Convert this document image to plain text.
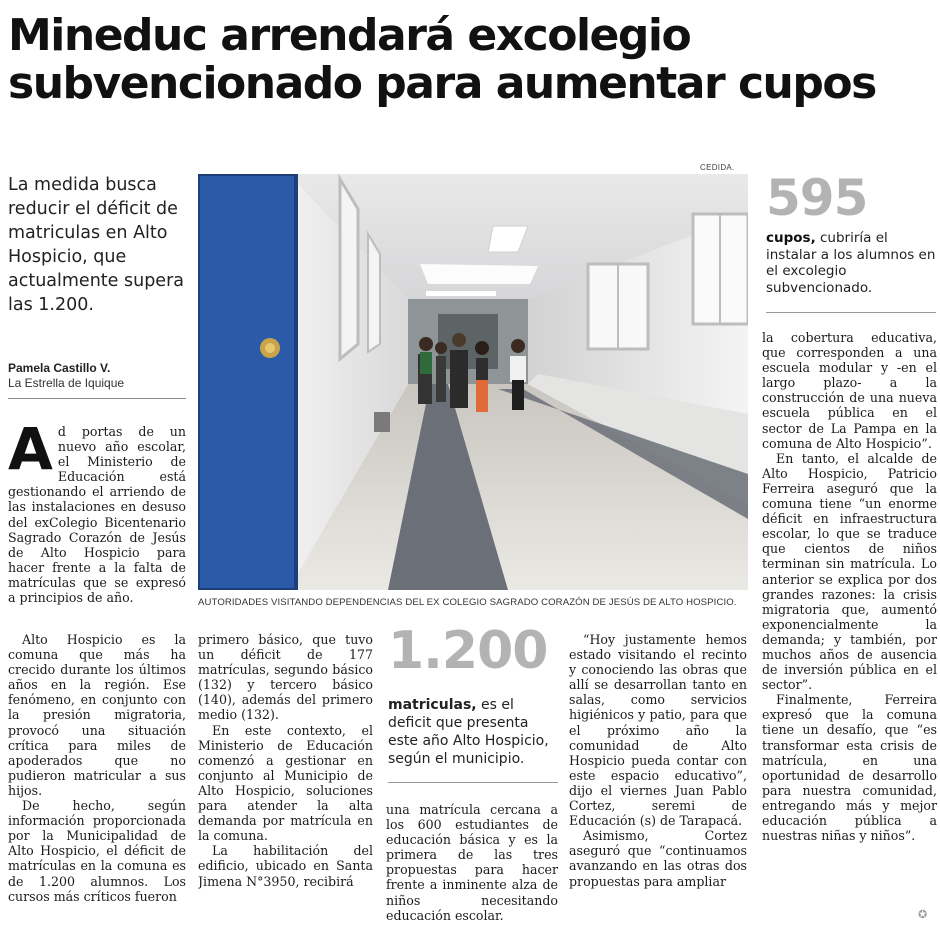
Mineduc arrendará excolegio
subvencionado para aumentar cupos

La medida busca reducir el déficit de matriculas en Alto Hospicio, que actualmente supera las 1.200.

Pamela Castillo V.
La Estrella de Iquique

Ad portas de un nuevo año escolar, el Ministerio de Educación está gestionando el arriendo de las instalaciones en desuso del exColegio Bicentenario Sagrado Corazón de Jesús de Alto Hospicio para hacer frente a la falta de matrículas que se expresó a principios de año.

Alto Hospicio es la comuna que más ha crecido durante los últimos años en la región. Ese fenómeno, en conjunto con la presión migratoria, provocó una situación crítica para miles de apoderados que no pudieron matricular a sus hijos.

De hecho, según información proporcionada por la Municipalidad de Alto Hospicio, el déficit de matrículas en la comuna es de 1.200 alumnos. Los cursos más críticos fueron

CEDIDA.
AUTORIDADES VISITANDO DEPENDENCIAS DEL EX COLEGIO SAGRADO CORAZÓN DE JESÚS DE ALTO HOSPICIO.
595
cupos, cubriría el instalar a los alumnos en el excolegio subvencionado.

primero básico, que tuvo un déficit de 177 matrículas, segundo básico (132) y tercero básico (140), además del primero medio (132).

En este contexto, el Ministerio de Educación comenzó a gestionar en conjunto al Municipio de Alto Hospicio, soluciones para atender la alta demanda por matrícula en la comuna.

La habilitación del edificio, ubicado en Santa Jimena N°3950, recibirá

1.200
matriculas, es el deficit que presenta este año Alto Hospicio, según el municipio.

una matrícula cercana a los 600 estudiantes de educación básica y es la primera de las tres propuestas para hacer frente a inminente alza de niños necesitando educación escolar.

“Hoy justamente hemos estado visitando el recinto y conociendo las obras que allí se desarrollan tanto en salas, como servicios higiénicos y patio, para que el próximo año la comunidad de Alto Hospicio pueda contar con este espacio educativo”, dijo el viernes Juan Pablo Cortez, seremi de Educación (s) de Tarapacá.

Asimismo, Cortez aseguró que “continuamos avanzando en las otras dos propuestas para ampliar

la cobertura educativa, que corresponden a una escuela modular y -en el largo plazo- a la construcción de una nueva escuela pública en el sector de La Pampa en la comuna de Alto Hospicio”.

En tanto, el alcalde de Alto Hospicio, Patricio Ferreira aseguró que la comuna tiene “un enorme déficit en infraestructura escolar, lo que se traduce que cientos de niños terminan sin matrícula. Lo anterior se explica por dos grandes razones: la crisis migratoria que, aumentó exponencialmente la demanda; y también, por muchos años de ausencia de inversión pública en el sector”.

Finalmente, Ferreira expresó que la comuna tiene un desafío, que “es transformar esta crisis de matrícula, en una oportunidad de desarrollo para nuestra comunidad, entregando más y mejor educación pública a nuestras niñas y niños”.

✪
